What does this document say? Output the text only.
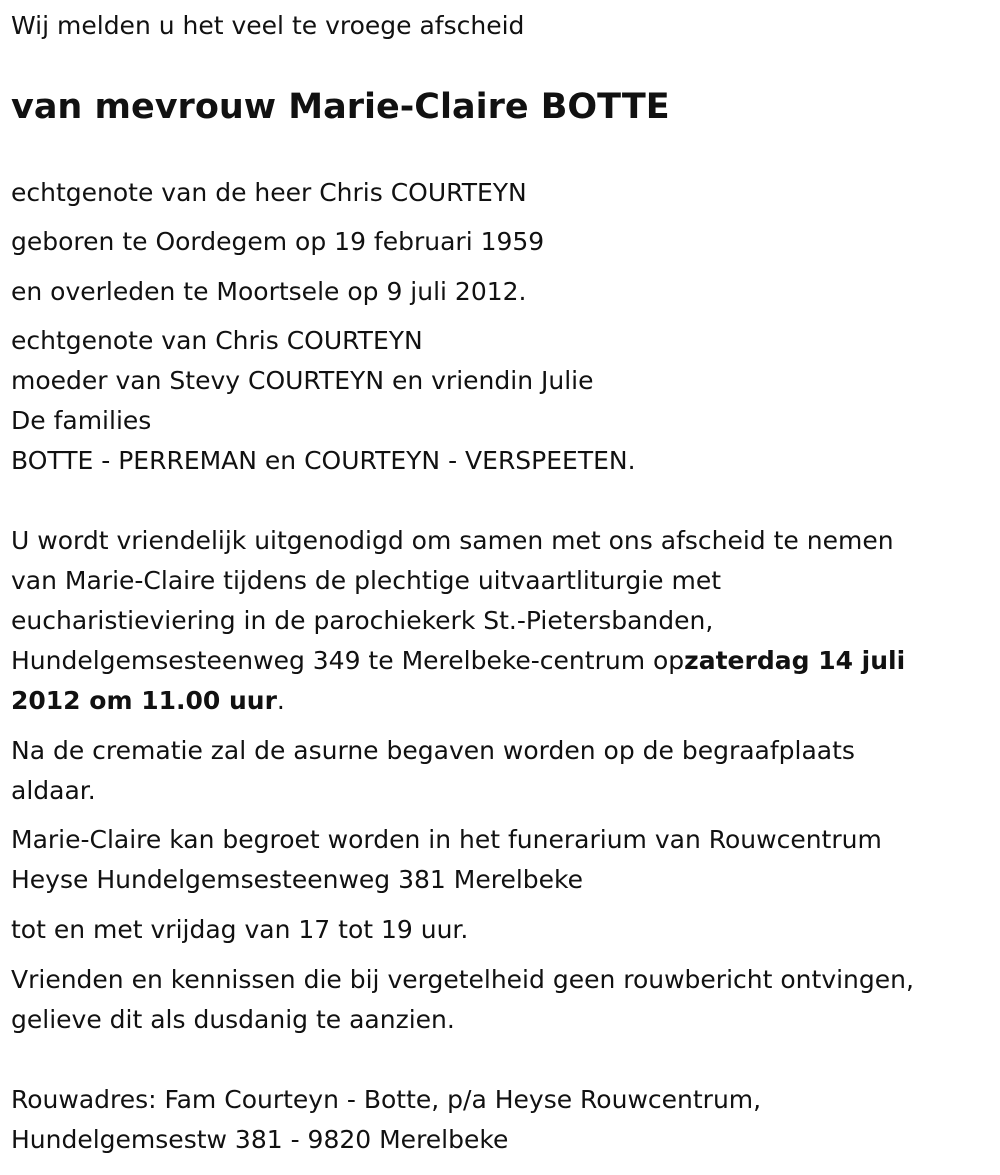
Wij melden u het veel te vroege afscheid

van mevrouw Marie-Claire BOTTE

echtgenote van de heer Chris COURTEYN

geboren te Oordegem op 19 februari 1959

en overleden te Moortsele op 9 juli 2012.

echtgenote van Chris COURTEYN

moeder van Stevy COURTEYN en vriendin Julie

De families

BOTTE - PERREMAN en COURTEYN - VERSPEETEN.

U wordt vriendelijk uitgenodigd om samen met ons afscheid te nemen

van Marie-Claire tijdens de plechtige uitvaartliturgie met

eucharistieviering in de parochiekerk St.-Pietersbanden,

Hundelgemsesteenweg 349 te Merelbeke-centrum opzaterdag 14 juli

2012 om 11.00 uur.

Na de crematie zal de asurne begaven worden op de begraafplaats

aldaar.

Marie-Claire kan begroet worden in het funerarium van Rouwcentrum

Heyse Hundelgemsesteenweg 381 Merelbeke

tot en met vrijdag van 17 tot 19 uur.

Vrienden en kennissen die bij vergetelheid geen rouwbericht ontvingen,

gelieve dit als dusdanig te aanzien.

Rouwadres: Fam Courteyn - Botte, p/a Heyse Rouwcentrum,

Hundelgemsestw 381 - 9820 Merelbeke
